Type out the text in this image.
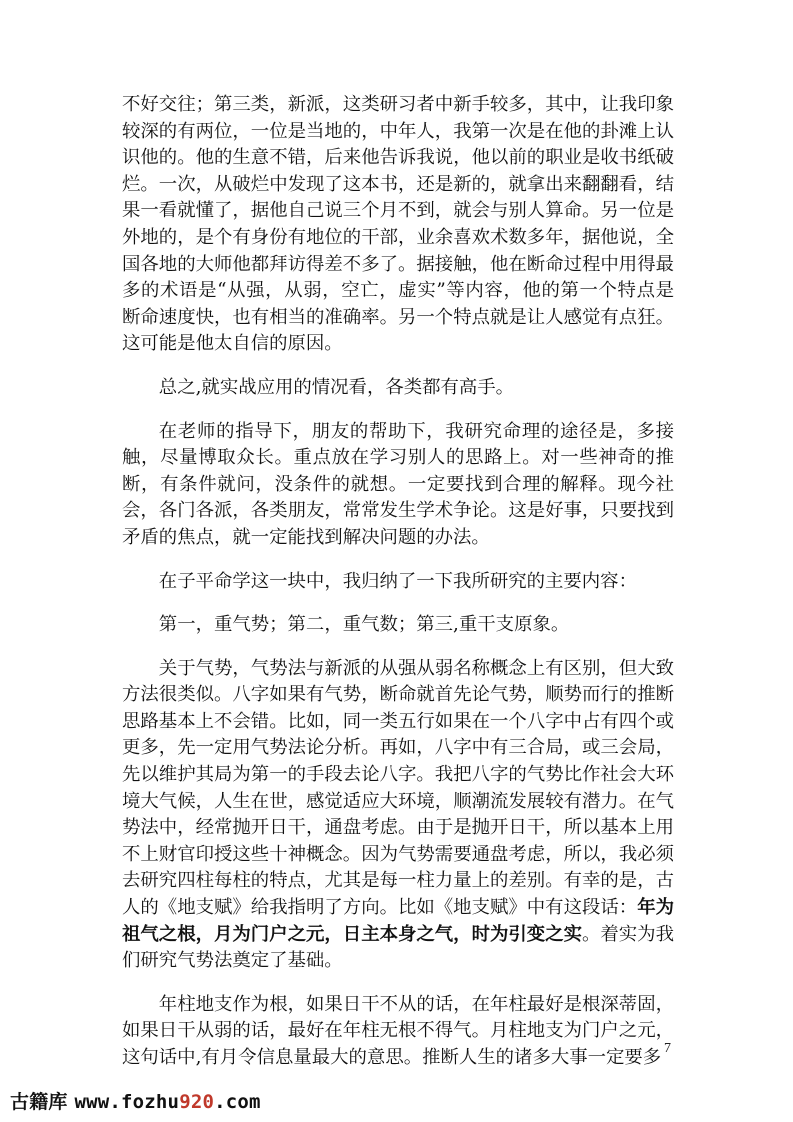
不好交往；第三类，新派，这类研习者中新手较多，其中，让我印象较深的有两位，一位是当地的，中年人，我第一次是在他的卦滩上认识他的。他的生意不错，后来他告诉我说，他以前的职业是收书纸破烂。一次，从破烂中发现了这本书，还是新的，就拿出来翻翻看，结果一看就懂了，据他自己说三个月不到，就会与别人算命。另一位是外地的，是个有身份有地位的干部，业余喜欢术数多年，据他说，全国各地的大师他都拜访得差不多了。据接触，他在断命过程中用得最多的术语是“从强，从弱，空亡，虚实”等内容，他的第一个特点是断命速度快，也有相当的准确率。另一个特点就是让人感觉有点狂。这可能是他太自信的原因。

总之,就实战应用的情况看，各类都有高手。

在老师的指导下，朋友的帮助下，我研究命理的途径是，多接触，尽量博取众长。重点放在学习别人的思路上。对一些神奇的推断，有条件就问，没条件的就想。一定要找到合理的解释。现今社会，各门各派，各类朋友，常常发生学术争论。这是好事，只要找到矛盾的焦点，就一定能找到解决问题的办法。

在子平命学这一块中，我归纳了一下我所研究的主要内容：

第一，重气势；第二，重气数；第三,重干支原象。

关于气势，气势法与新派的从强从弱名称概念上有区别，但大致方法很类似。八字如果有气势，断命就首先论气势，顺势而行的推断思路基本上不会错。比如，同一类五行如果在一个八字中占有四个或更多，先一定用气势法论分析。再如，八字中有三合局，或三会局，先以维护其局为第一的手段去论八字。我把八字的气势比作社会大环境大气候，人生在世，感觉适应大环境，顺潮流发展较有潜力。在气势法中，经常抛开日干，通盘考虑。由于是抛开日干，所以基本上用不上财官印授这些十神概念。因为气势需要通盘考虑，所以，我必须去研究四柱每柱的特点，尤其是每一柱力量上的差别。有幸的是，古人的《地支赋》给我指明了方向。比如《地支赋》中有这段话：年为祖气之根，月为门户之元，日主本身之气，时为引变之实。着实为我们研究气势法奠定了基础。

年柱地支作为根，如果日干不从的话，在年柱最好是根深蒂固，如果日干从弱的话，最好在年柱无根不得气。月柱地支为门户之元，这句话中,有月令信息量最大的意思。推断人生的诸多大事一定要多 7
古籍库 www.fozhu920.com
